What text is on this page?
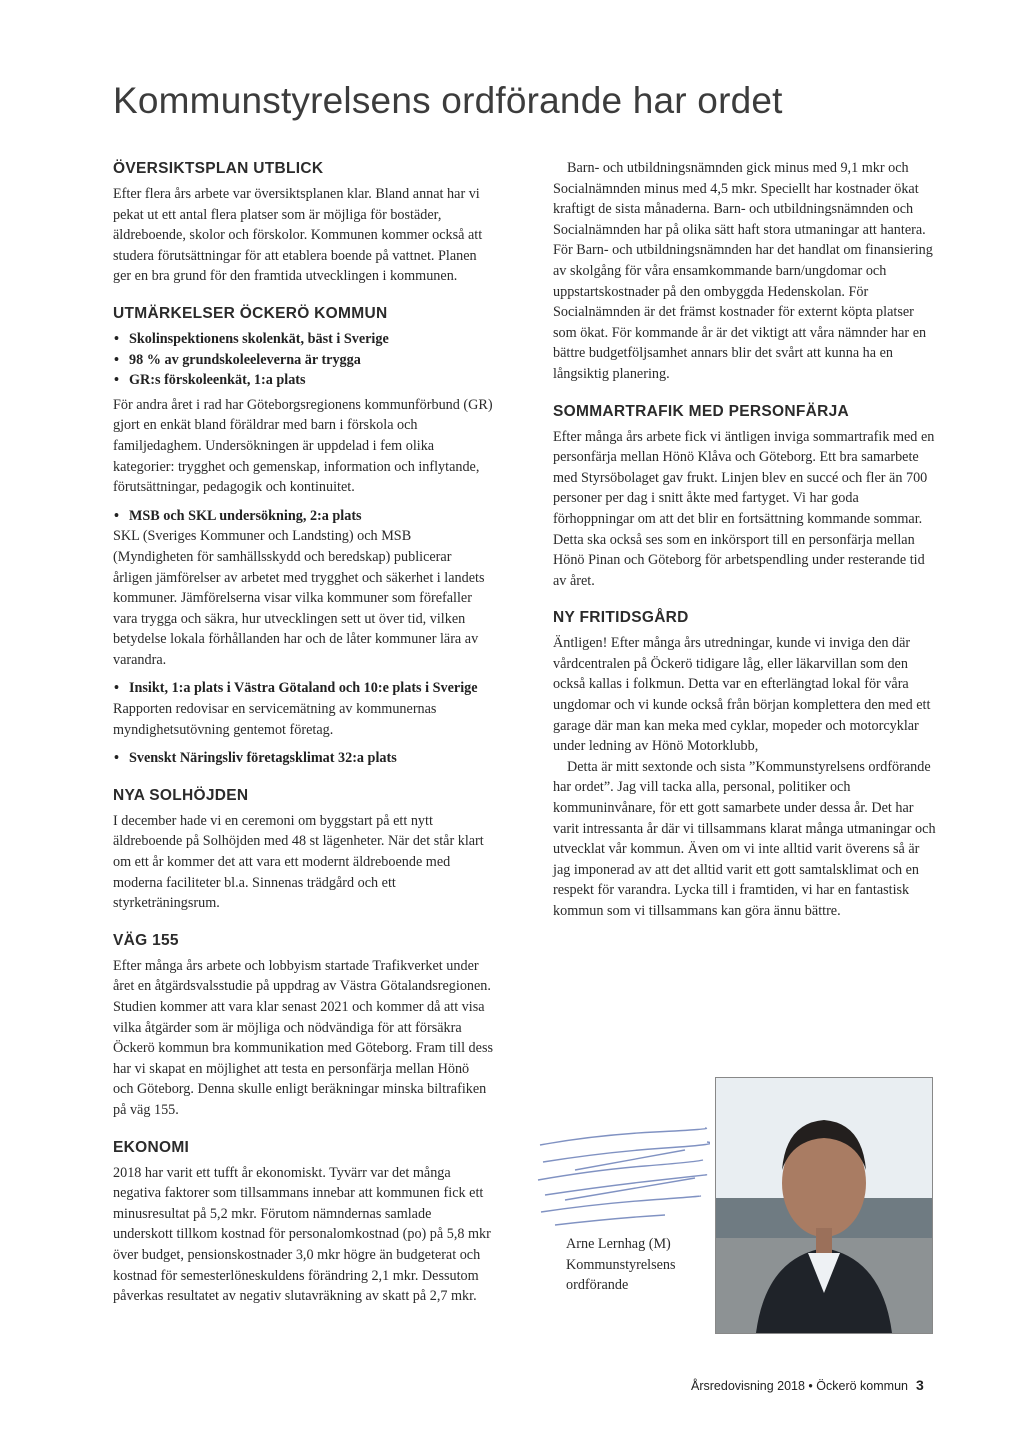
Kommunstyrelsens ordförande har ordet
ÖVERSIKTSPLAN UTBLICK

Efter flera års arbete var översiktsplanen klar. Bland annat har vi pekat ut ett antal flera platser som är möjliga för bostäder, äldreboende, skolor och förskolor. Kommunen kommer också att studera förutsättningar för att etablera boende på vattnet. Planen ger en bra grund för den framtida utvecklingen i kommunen.

UTMÄRKELSER ÖCKERÖ KOMMUN
• Skolinspektionens skolenkät, bäst i Sverige
• 98 % av grundskoleeleverna är trygga
• GR:s förskoleenkät, 1:a plats

För andra året i rad har Göteborgsregionens kommunförbund (GR) gjort en enkät bland föräldrar med barn i förskola och familjedaghem. Undersökningen är uppdelad i fem olika kategorier: trygghet och gemenskap, information och inflytande, förutsättningar, pedagogik och kontinuitet.

• MSB och SKL undersökning, 2:a plats

SKL (Sveriges Kommuner och Landsting) och MSB (Myndigheten för samhällsskydd och beredskap) publicerar årligen jämförelser av arbetet med trygghet och säkerhet i landets kommuner. Jämförelserna visar vilka kommuner som förefaller vara trygga och säkra, hur utvecklingen sett ut över tid, vilken betydelse lokala förhållanden har och de låter kommuner lära av varandra.

• Insikt, 1:a plats i Västra Götaland och 10:e plats i Sverige

Rapporten redovisar en servicemätning av kommunernas myndighetsutövning gentemot företag.

• Svenskt Näringsliv företagsklimat 32:a plats
NYA SOLHÖJDEN

I december hade vi en ceremoni om byggstart på ett nytt äldreboende på Solhöjden med 48 st lägenheter. När det står klart om ett år kommer det att vara ett modernt äldreboende med moderna faciliteter bl.a. Sinnenas trädgård och ett styrketräningsrum.

VÄG 155

Efter många års arbete och lobbyism startade Trafikverket under året en åtgärdsvalsstudie på uppdrag av Västra Götalandsregionen. Studien kommer att vara klar senast 2021 och kommer då att visa vilka åtgärder som är möjliga och nödvändiga för att försäkra Öckerö kommun bra kommunikation med Göteborg. Fram till dess har vi skapat en möjlighet att testa en personfärja mellan Hönö och Göteborg. Denna skulle enligt beräkningar minska biltrafiken på väg 155.

EKONOMI

2018 har varit ett tufft år ekonomiskt. Tyvärr var det många negativa faktorer som tillsammans innebar att kommunen fick ett minusresultat på 5,2 mkr. Förutom nämndernas samlade underskott tillkom kostnad för personalomkostnad (po) på 5,8 mkr över budget, pensionskostnader 3,0 mkr högre än budgeterat och kostnad för semesterlöneskuldens förändring 2,1 mkr. Dessutom påverkas resultatet av negativ slutavräkning av skatt på 2,7 mkr.

Barn- och utbildningsnämnden gick minus med 9,1 mkr och Socialnämnden minus med 4,5 mkr. Speciellt har kostnader ökat kraftigt de sista månaderna. Barn- och utbildningsnämnden och Socialnämnden har på olika sätt haft stora utmaningar att hantera. För Barn- och utbildningsnämnden har det handlat om finansiering av skolgång för våra ensamkommande barn/ungdomar och uppstartskostnader på den ombyggda Hedenskolan. För Socialnämnden är det främst kostnader för externt köpta platser som ökat. För kommande år är det viktigt att våra nämnder har en bättre budgetföljsamhet annars blir det svårt att kunna ha en långsiktig planering.

SOMMARTRAFIK MED PERSONFÄRJA

Efter många års arbete fick vi äntligen inviga sommartrafik med en personfärja mellan Hönö Klåva och Göteborg. Ett bra samarbete med Styrsöbolaget gav frukt. Linjen blev en succé och fler än 700 personer per dag i snitt åkte med fartyget. Vi har goda förhoppningar om att det blir en fortsättning kommande sommar. Detta ska också ses som en inkörsport till en personfärja mellan Hönö Pinan och Göteborg för arbetspendling under resterande tid av året.

NY FRITIDSGÅRD

Äntligen! Efter många års utredningar, kunde vi inviga den där vårdcentralen på Öckerö tidigare låg, eller läkarvillan som den också kallas i folkmun. Detta var en efterlängtad lokal för våra ungdomar och vi kunde också från början komplettera den med ett garage där man kan meka med cyklar, mopeder och motorcyklar under ledning av Hönö Motorklubb,

Detta är mitt sextonde och sista ”Kommunstyrelsens ordförande har ordet”. Jag vill tacka alla, personal, politiker och kommuninvånare, för ett gott samarbete under dessa år. Det har varit intressanta år där vi tillsammans klarat många utmaningar och utvecklat vår kommun. Även om vi inte alltid varit överens så är jag imponerad av att det alltid varit ett gott samtalsklimat och en respekt för varandra. Lycka till i framtiden, vi har en fantastisk kommun som vi tillsammans kan göra ännu bättre.

Arne Lernhag (M)
Kommunstyrelsens ordförande
Årsredovisning 2018 • Öckerö kommun 3
